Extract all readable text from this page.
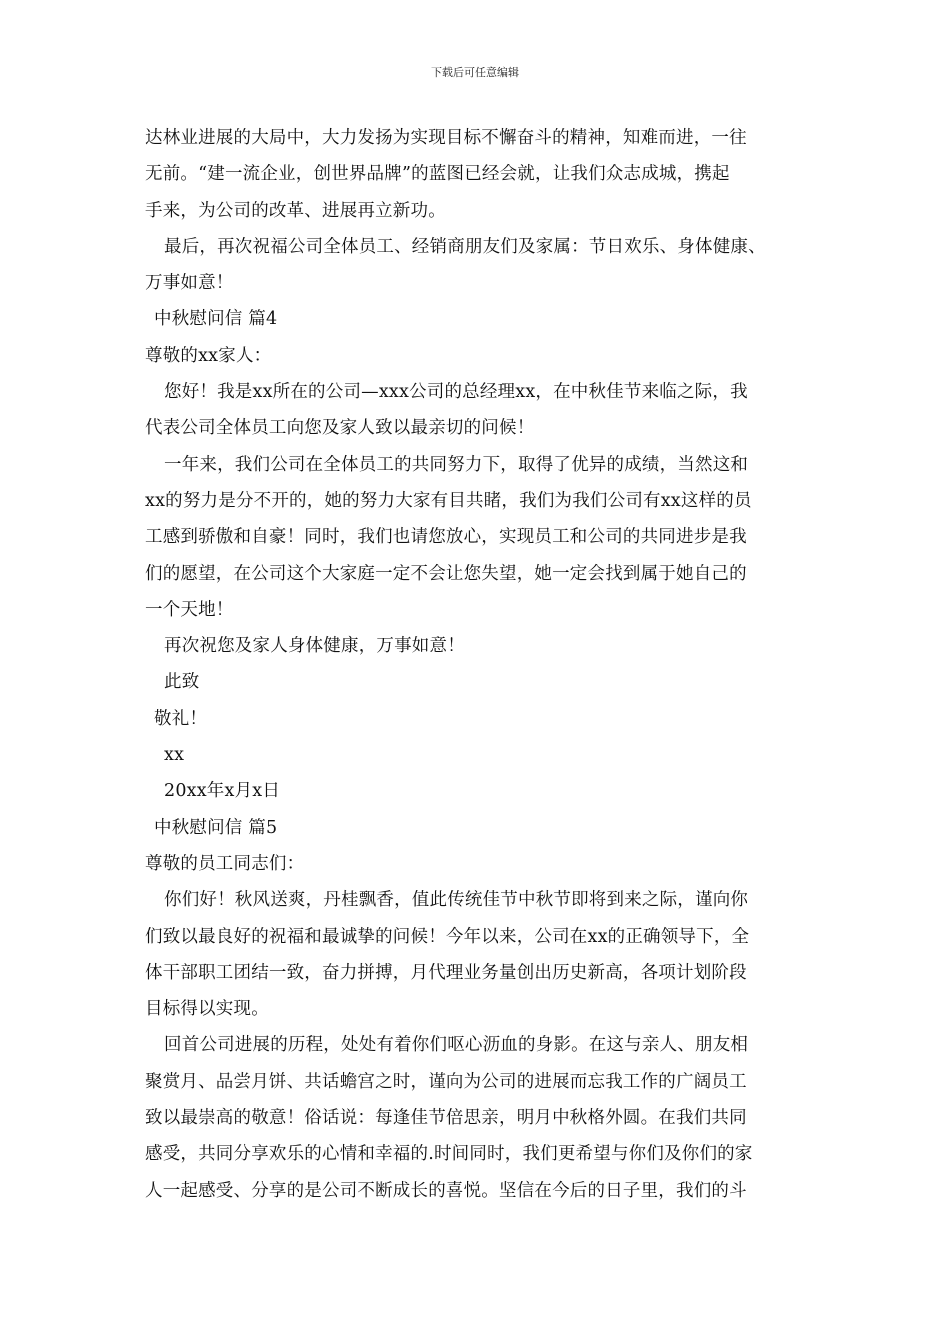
下载后可任意编辑
达林业进展的大局中，大力发扬为实现目标不懈奋斗的精神，知难而进，一往
无前。“建一流企业，创世界品牌”的蓝图已经会就，让我们众志成城，携起
手来，为公司的改革、进展再立新功。
最后，再次祝福公司全体员工、经销商朋友们及家属：节日欢乐、身体健康、
万事如意！
中秋慰问信 篇4
尊敬的xx家人：
您好！我是xx所在的公司—xxx公司的总经理xx，在中秋佳节来临之际，我
代表公司全体员工向您及家人致以最亲切的问候！
一年来，我们公司在全体员工的共同努力下，取得了优异的成绩，当然这和
xx的努力是分不开的，她的努力大家有目共睹，我们为我们公司有xx这样的员
工感到骄傲和自豪！同时，我们也请您放心，实现员工和公司的共同进步是我
们的愿望，在公司这个大家庭一定不会让您失望，她一定会找到属于她自己的
一个天地！
再次祝您及家人身体健康，万事如意！
此致
敬礼！
xx
20xx年x月x日
中秋慰问信 篇5
尊敬的员工同志们：
你们好！秋风送爽，丹桂飘香，值此传统佳节中秋节即将到来之际，谨向你
们致以最良好的祝福和最诚挚的问候！今年以来，公司在xx的正确领导下，全
体干部职工团结一致，奋力拼搏，月代理业务量创出历史新高，各项计划阶段
目标得以实现。
回首公司进展的历程，处处有着你们呕心沥血的身影。在这与亲人、朋友相
聚赏月、品尝月饼、共话蟾宫之时，谨向为公司的进展而忘我工作的广阔员工
致以最崇高的敬意！俗话说：每逢佳节倍思亲，明月中秋格外圆。在我们共同
感受，共同分享欢乐的心情和幸福的.时间同时，我们更希望与你们及你们的家
人一起感受、分享的是公司不断成长的喜悦。坚信在今后的日子里，我们的斗
